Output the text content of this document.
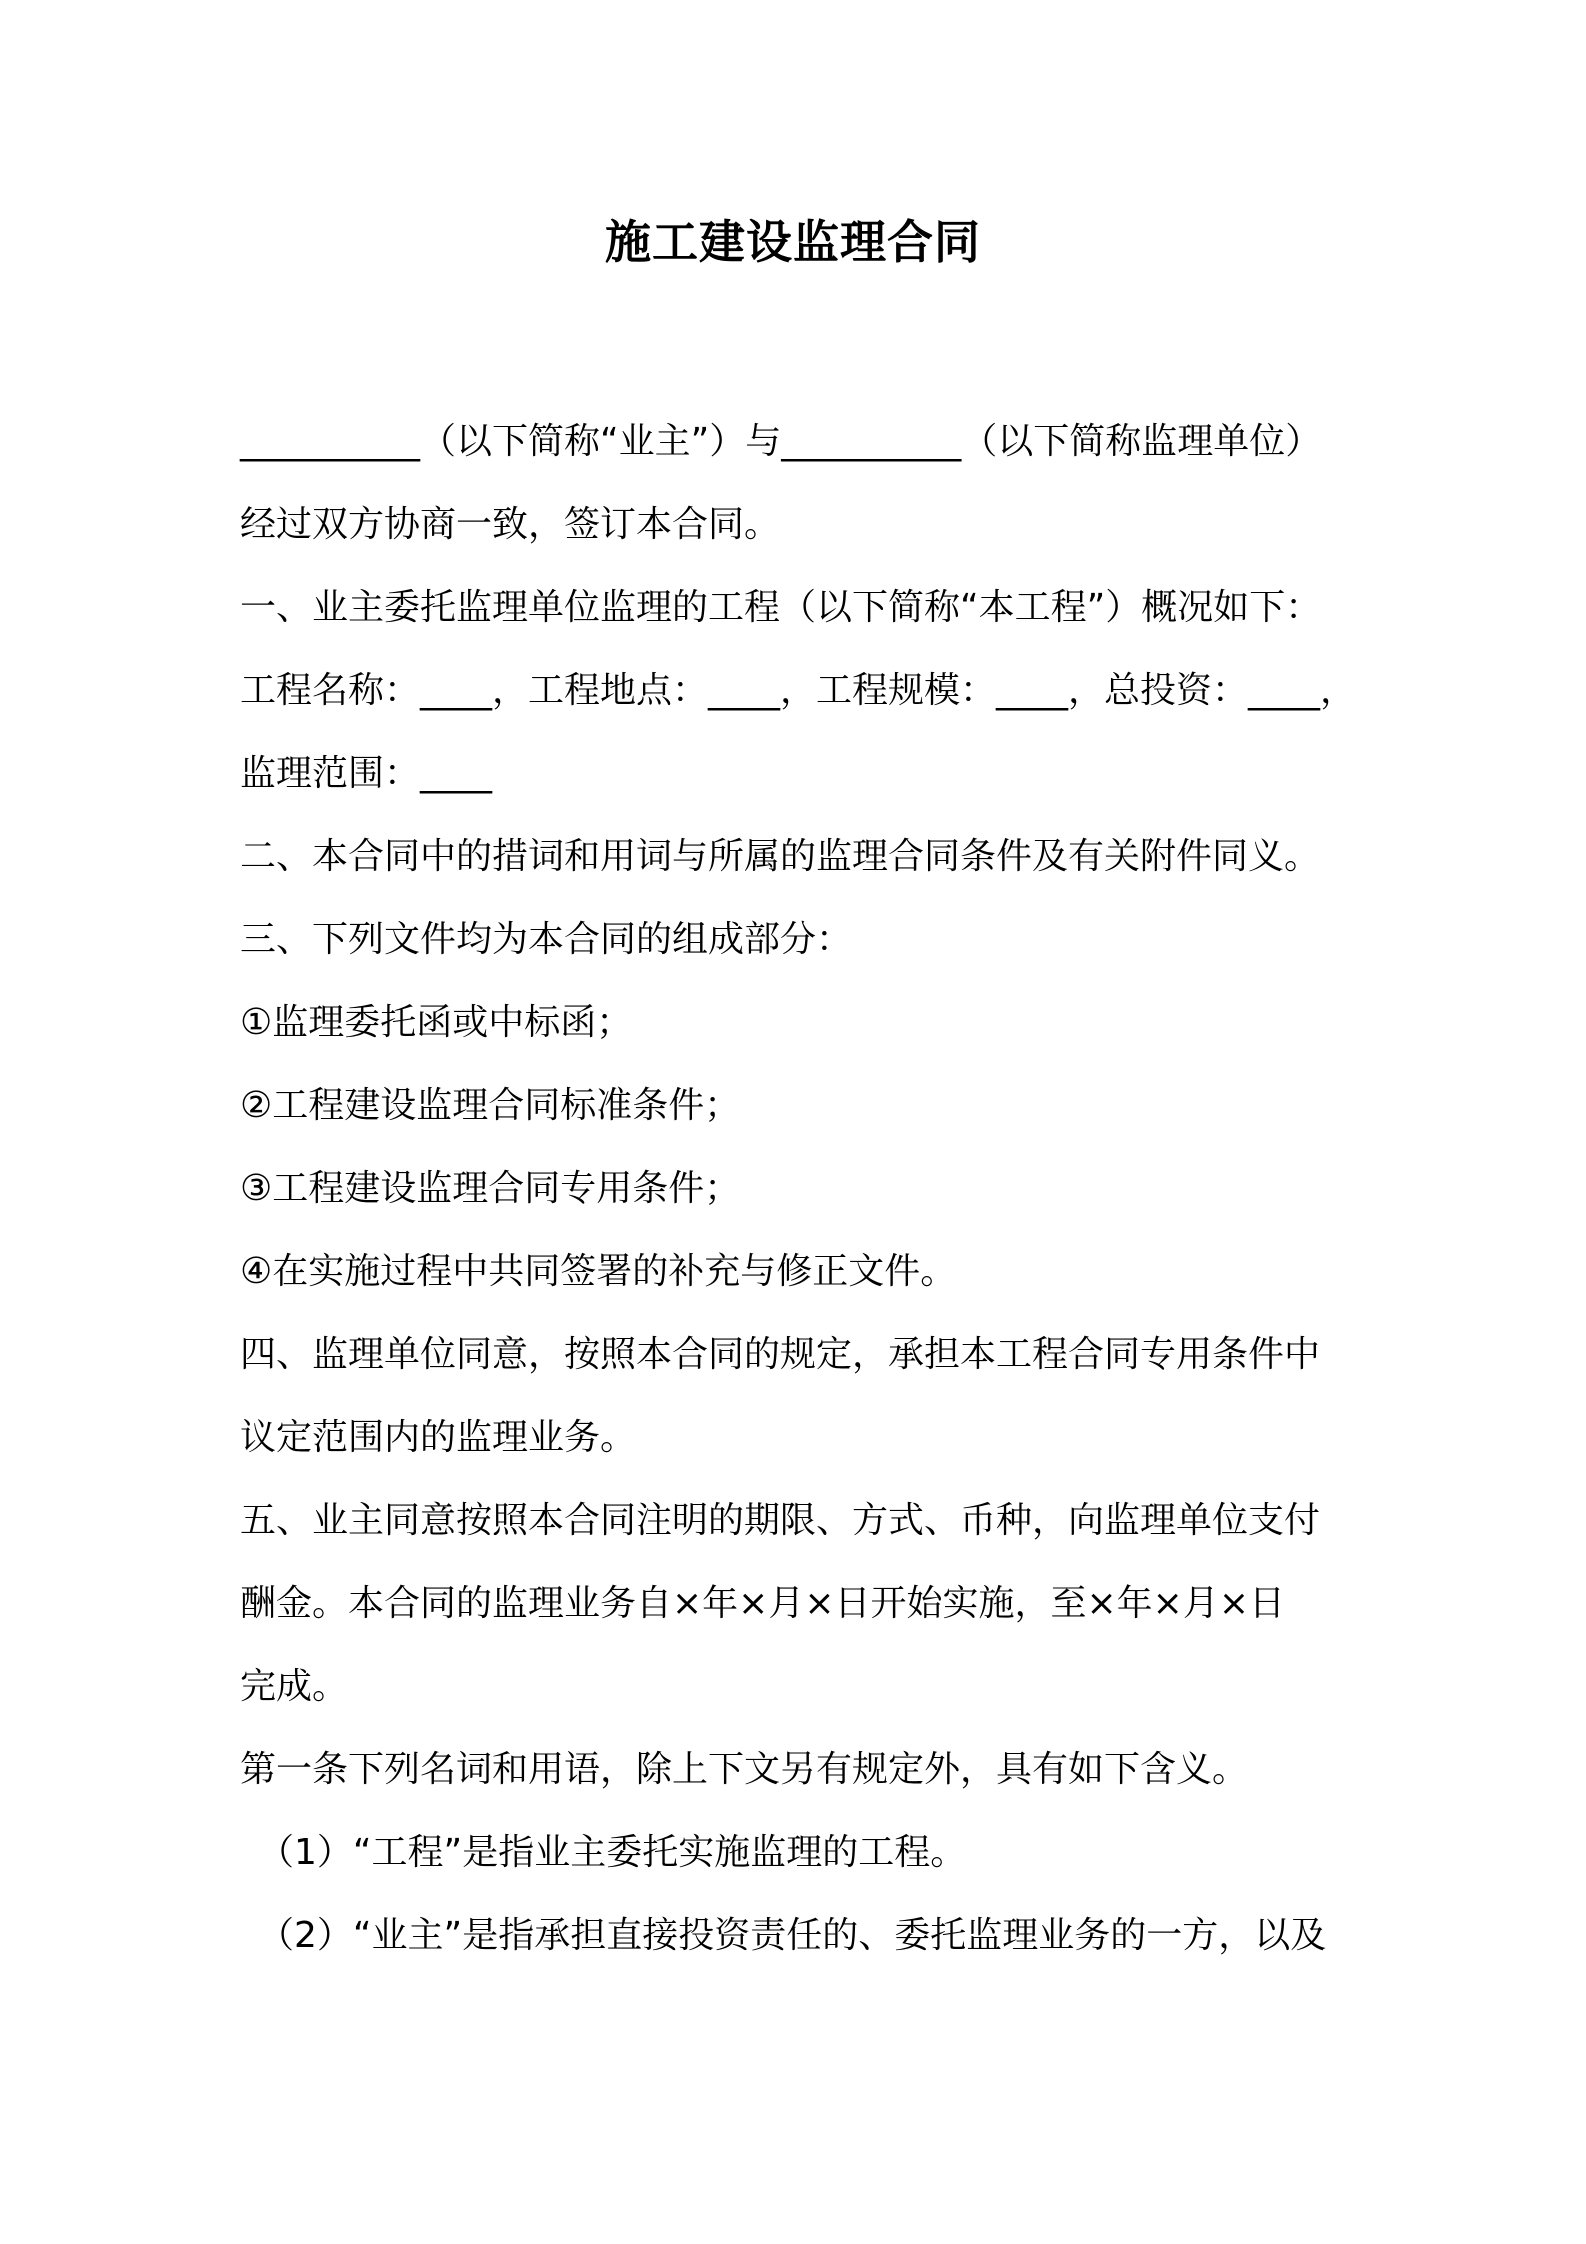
施工建设监理合同

__________（以下简称“业主”）与__________（以下简称监理单位）

经过双方协商一致，签订本合同。

一、业主委托监理单位监理的工程（以下简称“本工程”）概况如下：

工程名称：____，工程地点：____，工程规模：____，总投资：____，

监理范围：____

二、本合同中的措词和用词与所属的监理合同条件及有关附件同义。

三、下列文件均为本合同的组成部分：

①监理委托函或中标函；

②工程建设监理合同标准条件；

③工程建设监理合同专用条件；

④在实施过程中共同签署的补充与修正文件。

四、监理单位同意，按照本合同的规定，承担本工程合同专用条件中

议定范围内的监理业务。

五、业主同意按照本合同注明的期限、方式、币种，向监理单位支付

酬金。本合同的监理业务自×年×月×日开始实施，至×年×月×日

完成。

第一条下列名词和用语，除上下文另有规定外，具有如下含义。

（1）“工程”是指业主委托实施监理的工程。

（2）“业主”是指承担直接投资责任的、委托监理业务的一方，以及
